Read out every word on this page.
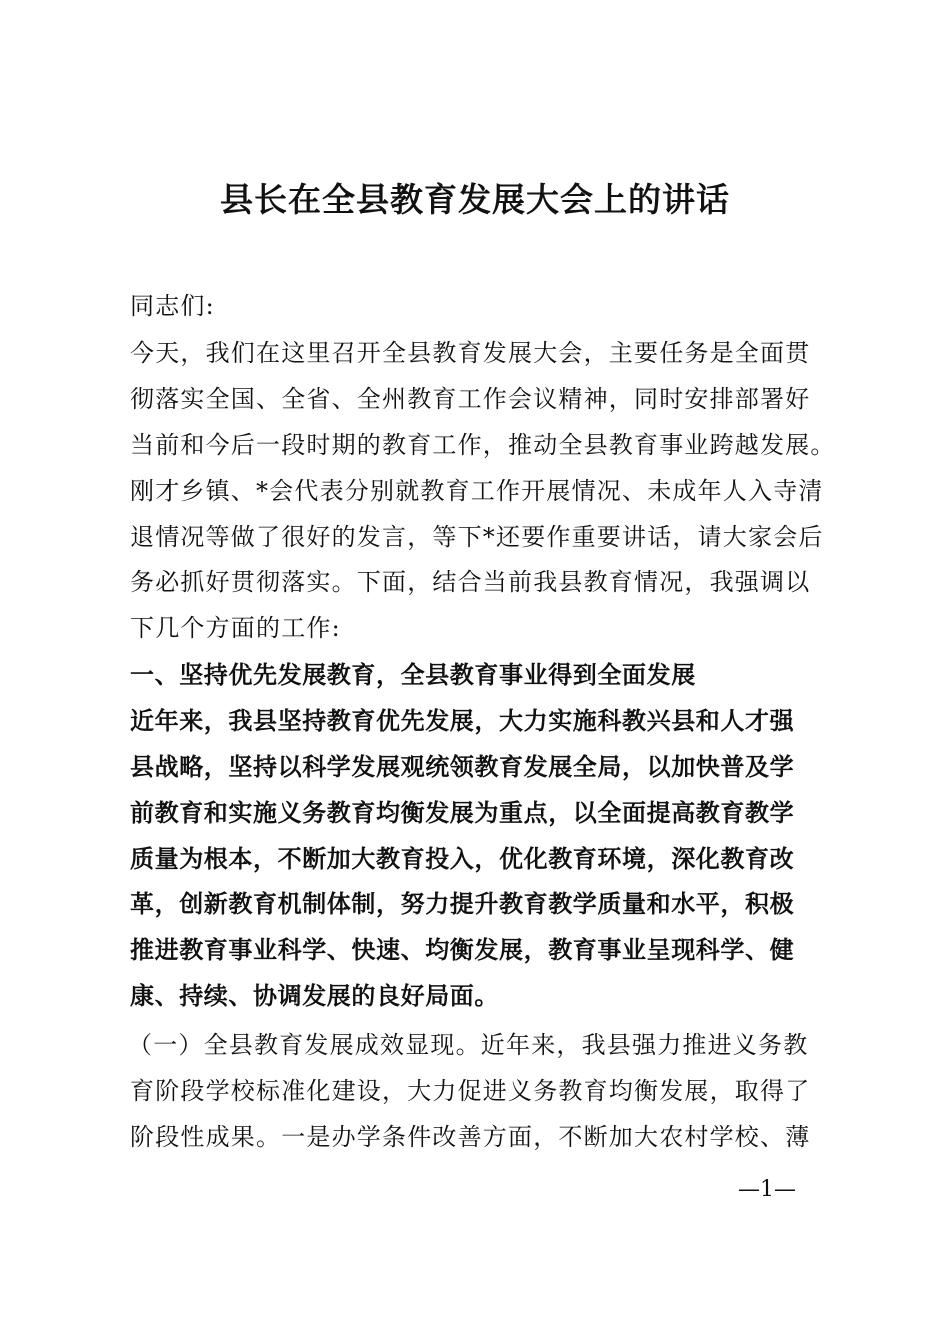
县长在全县教育发展大会上的讲话

同志们:

今天，我们在这里召开全县教育发展大会，主要任务是全面贯

彻落实全国、全省、全州教育工作会议精神，同时安排部署好

当前和今后一段时期的教育工作，推动全县教育事业跨越发展。

刚才乡镇、*会代表分别就教育工作开展情况、未成年人入寺清

退情况等做了很好的发言，等下*还要作重要讲话，请大家会后

务必抓好贯彻落实。下面，结合当前我县教育情况，我强调以

下几个方面的工作:

一、坚持优先发展教育，全县教育事业得到全面发展

近年来，我县坚持教育优先发展，大力实施科教兴县和人才强

县战略，坚持以科学发展观统领教育发展全局，以加快普及学

前教育和实施义务教育均衡发展为重点，以全面提高教育教学

质量为根本，不断加大教育投入，优化教育环境，深化教育改

革，创新教育机制体制，努力提升教育教学质量和水平，积极

推进教育事业科学、快速、均衡发展，教育事业呈现科学、健

康、持续、协调发展的良好局面。

（一）全县教育发展成效显现。近年来，我县强力推进义务教

育阶段学校标准化建设，大力促进义务教育均衡发展，取得了

阶段性成果。一是办学条件改善方面，不断加大农村学校、薄

—1—
